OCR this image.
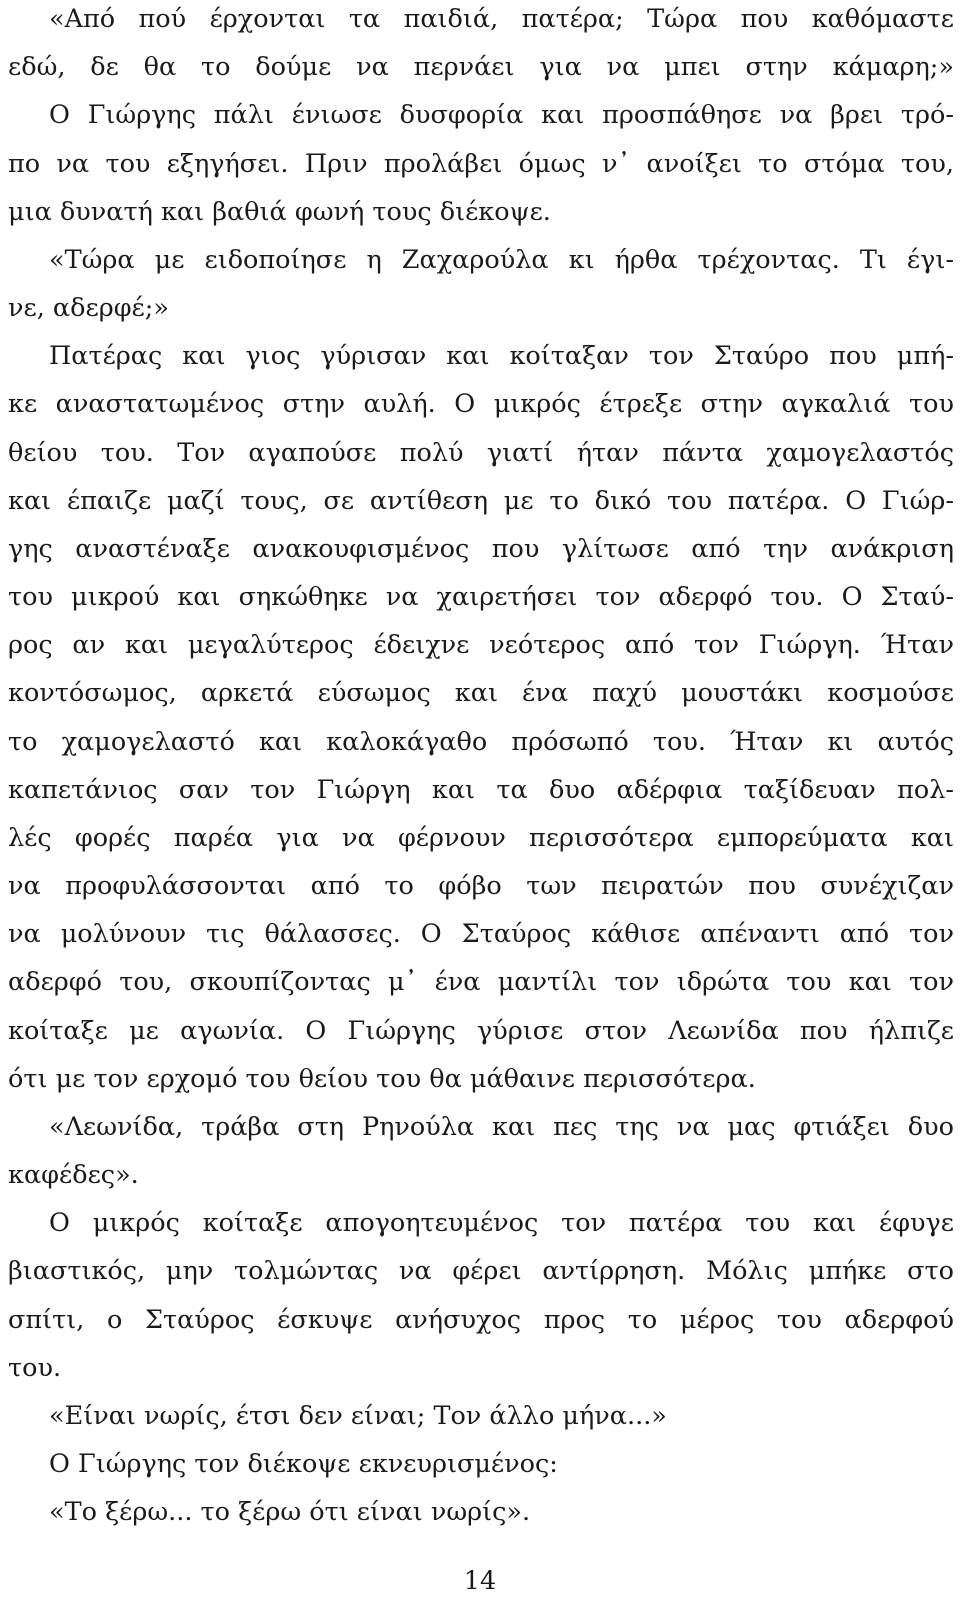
«Από πού έρχονται τα παιδιά, πατέρα; Τώρα που καθόμαστε
εδώ, δε θα το δούμε να περνάει για να μπει στην κάμαρη;»
Ο Γιώργης πάλι ένιωσε δυσφορία και προσπάθησε να βρει τρό-
πο να του εξηγήσει. Πριν προλάβει όμως ν᾽ ανοίξει το στόμα του,
μια δυνατή και βαθιά φωνή τους διέκοψε.
«Τώρα με ειδοποίησε η Ζαχαρούλα κι ήρθα τρέχοντας. Τι έγι-
νε, αδερφέ;»
Πατέρας και γιος γύρισαν και κοίταξαν τον Σταύρο που μπή-
κε αναστατωμένος στην αυλή. Ο μικρός έτρεξε στην αγκαλιά του
θείου του. Τον αγαπούσε πολύ γιατί ήταν πάντα χαμογελαστός
και έπαιζε μαζί τους, σε αντίθεση με το δικό του πατέρα. Ο Γιώρ-
γης αναστέναξε ανακουφισμένος που γλίτωσε από την ανάκριση
του μικρού και σηκώθηκε να χαιρετήσει τον αδερφό του. Ο Σταύ-
ρος αν και μεγαλύτερος έδειχνε νεότερος από τον Γιώργη. Ήταν
κοντόσωμος, αρκετά εύσωμος και ένα παχύ μουστάκι κοσμούσε
το χαμογελαστό και καλοκάγαθο πρόσωπό του. Ήταν κι αυτός
καπετάνιος σαν τον Γιώργη και τα δυο αδέρφια ταξίδευαν πολ-
λές φορές παρέα για να φέρνουν περισσότερα εμπορεύματα και
να προφυλάσσονται από το φόβο των πειρατών που συνέχιζαν
να μολύνουν τις θάλασσες. Ο Σταύρος κάθισε απέναντι από τον
αδερφό του, σκουπίζοντας μ᾽ ένα μαντίλι τον ιδρώτα του και τον
κοίταξε με αγωνία. Ο Γιώργης γύρισε στον Λεωνίδα που ήλπιζε
ότι με τον ερχομό του θείου του θα μάθαινε περισσότερα.
«Λεωνίδα, τράβα στη Ρηνούλα και πες της να μας φτιάξει δυο
καφέδες».
Ο μικρός κοίταξε απογοητευμένος τον πατέρα του και έφυγε
βιαστικός, μην τολμώντας να φέρει αντίρρηση. Μόλις μπήκε στο
σπίτι, ο Σταύρος έσκυψε ανήσυχος προς το μέρος του αδερφού
του.
«Είναι νωρίς, έτσι δεν είναι; Τον άλλο μήνα...»
Ο Γιώργης τον διέκοψε εκνευρισμένος:
«Το ξέρω... το ξέρω ότι είναι νωρίς».
14
